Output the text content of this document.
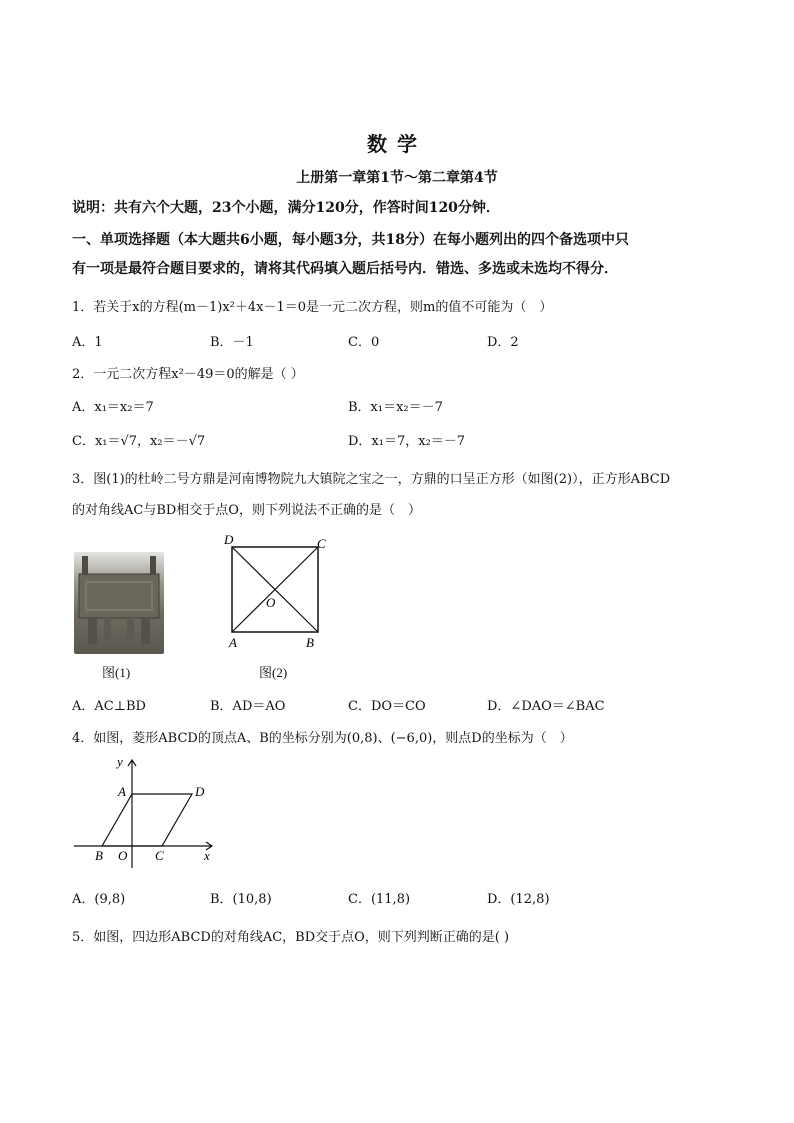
数学
上册第一章第1节～第二章第4节
说明：共有六个大题，23个小题，满分120分，作答时间120分钟．
一、单项选择题（本大题共6小题，每小题3分，共18分）在每小题列出的四个备选项中只
有一项是最符合题目要求的，请将其代码填入题后括号内．错选、多选或未选均不得分．
1．若关于x的方程(m－1)x²＋4x－1＝0是一元二次方程，则m的值不可能为（　）
A．1	B．－1	C．0	D．2
2．一元二次方程x²－49＝0的解是（ ）
A．x₁＝x₂＝7	B．x₁＝x₂＝－7
C．x₁＝√7，x₂＝－√7	D．x₁＝7，x₂＝－7
3．图(1)的杜岭二号方鼎是河南博物院九大镇院之宝之一，方鼎的口呈正方形（如图(2)），正方形ABCD
的对角线AC与BD相交于点O，则下列说法不正确的是（　）
图(1)
D	C
A	B
O
图(2)
A．AC⊥BD	B．AD＝AO	C．DO＝CO	D．∠DAO＝∠BAC
4．如图，菱形ABCD的顶点A、B的坐标分别为(0,8)、(−6,0)，则点D的坐标为（　）
y
x
A	D
B O C
A．(9,8)	B．(10,8)	C．(11,8)	D．(12,8)
5．如图，四边形ABCD的对角线AC，BD交于点O，则下列判断正确的是( )
